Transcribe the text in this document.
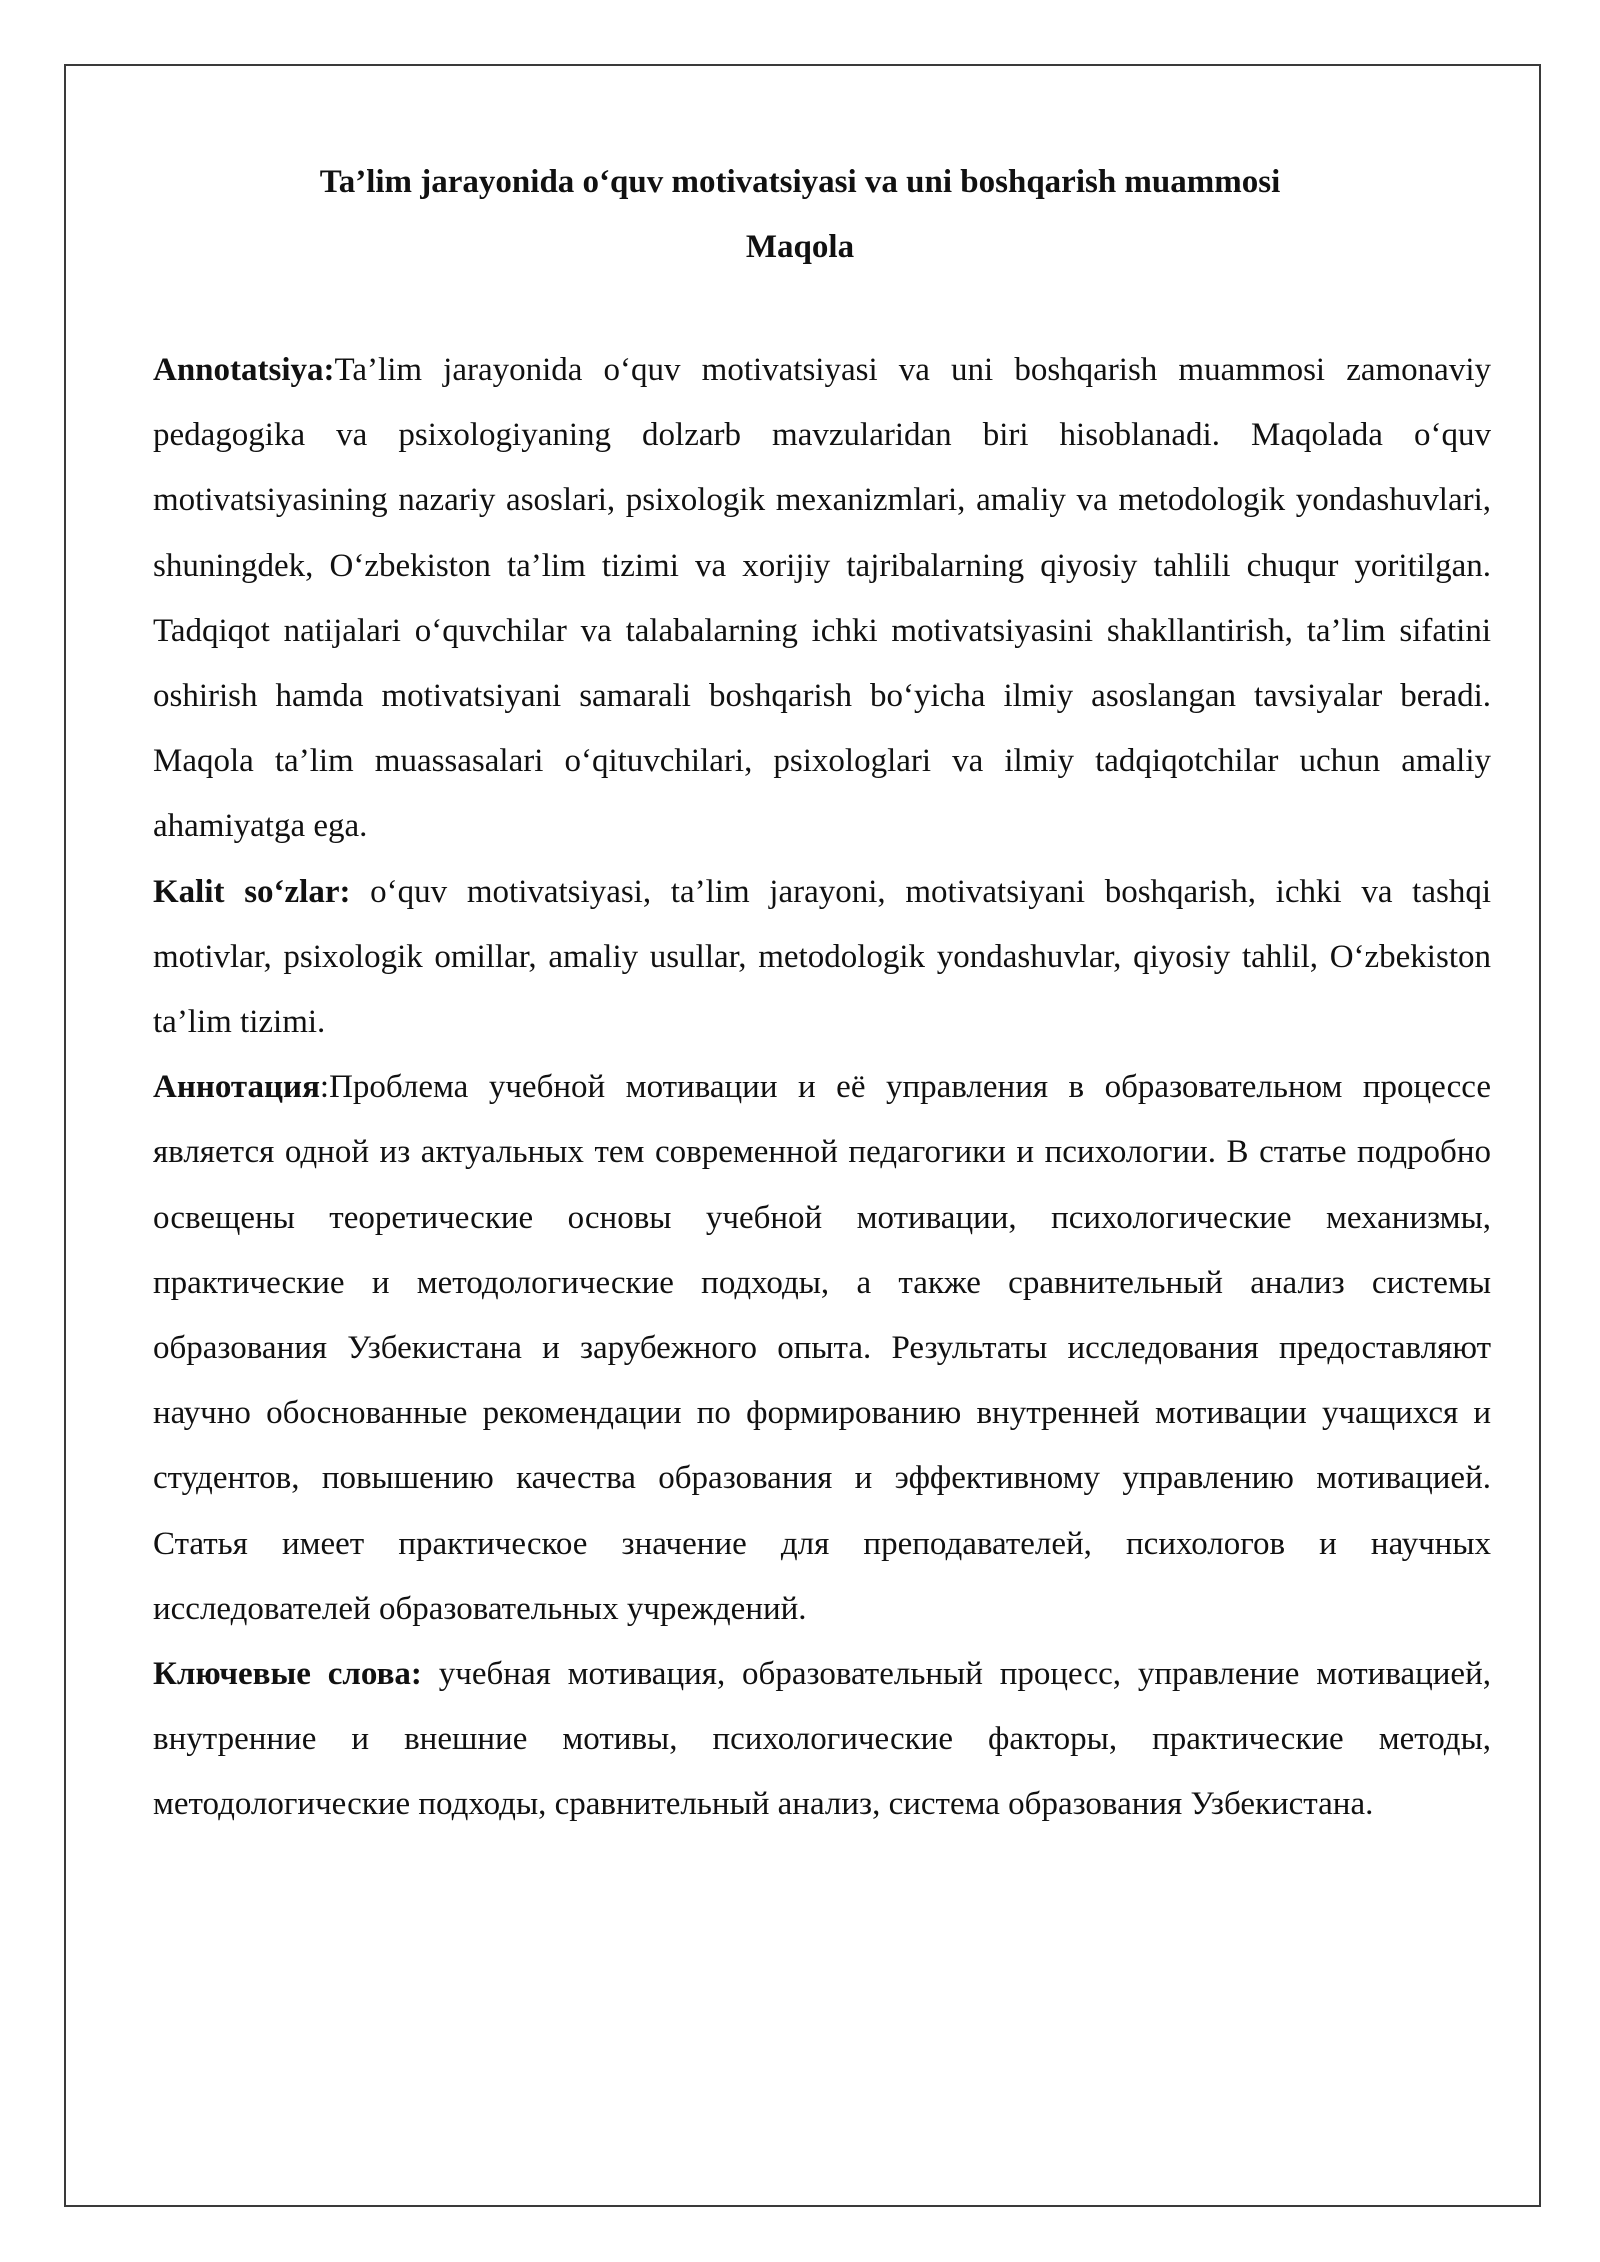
Ta’lim jarayonida o‘quv motivatsiyasi va uni boshqarish muammosi
Maqola

Annotatsiya:Ta’lim jarayonida o‘quv motivatsiyasi va uni boshqarish muammosi zamonaviy pedagogika va psixologiyaning dolzarb mavzularidan biri hisoblanadi. Maqolada o‘quv motivatsiyasining nazariy asoslari, psixologik mexanizmlari, amaliy va metodologik yondashuvlari, shuningdek, O‘zbekiston ta’lim tizimi va xorijiy tajribalarning qiyosiy tahlili chuqur yoritilgan. Tadqiqot natijalari o‘quvchilar va talabalarning ichki motivatsiyasini shakllantirish, ta’lim sifatini oshirish hamda motivatsiyani samarali boshqarish bo‘yicha ilmiy asoslangan tavsiyalar beradi. Maqola ta’lim muassasalari o‘qituvchilari, psixologlari va ilmiy tadqiqotchilar uchun amaliy ahamiyatga ega.

Kalit so‘zlar: o‘quv motivatsiyasi, ta’lim jarayoni, motivatsiyani boshqarish, ichki va tashqi motivlar, psixologik omillar, amaliy usullar, metodologik yondashuvlar, qiyosiy tahlil, O‘zbekiston ta’lim tizimi.

Аннотация:Проблема учебной мотивации и её управления в образовательном процессе является одной из актуальных тем современной педагогики и психологии. В статье подробно освещены теоретические основы учебной мотивации, психологические механизмы, практические и методологические подходы, а также сравнительный анализ системы образования Узбекистана и зарубежного опыта. Результаты исследования предоставляют научно обоснованные рекомендации по формированию внутренней мотивации учащихся и студентов, повышению качества образования и эффективному управлению мотивацией. Статья имеет практическое значение для преподавателей, психологов и научных исследователей образовательных учреждений.

Ключевые слова: учебная мотивация, образовательный процесс, управление мотивацией, внутренние и внешние мотивы, психологические факторы, практические методы, методологические подходы, сравнительный анализ, система образования Узбекистана.
